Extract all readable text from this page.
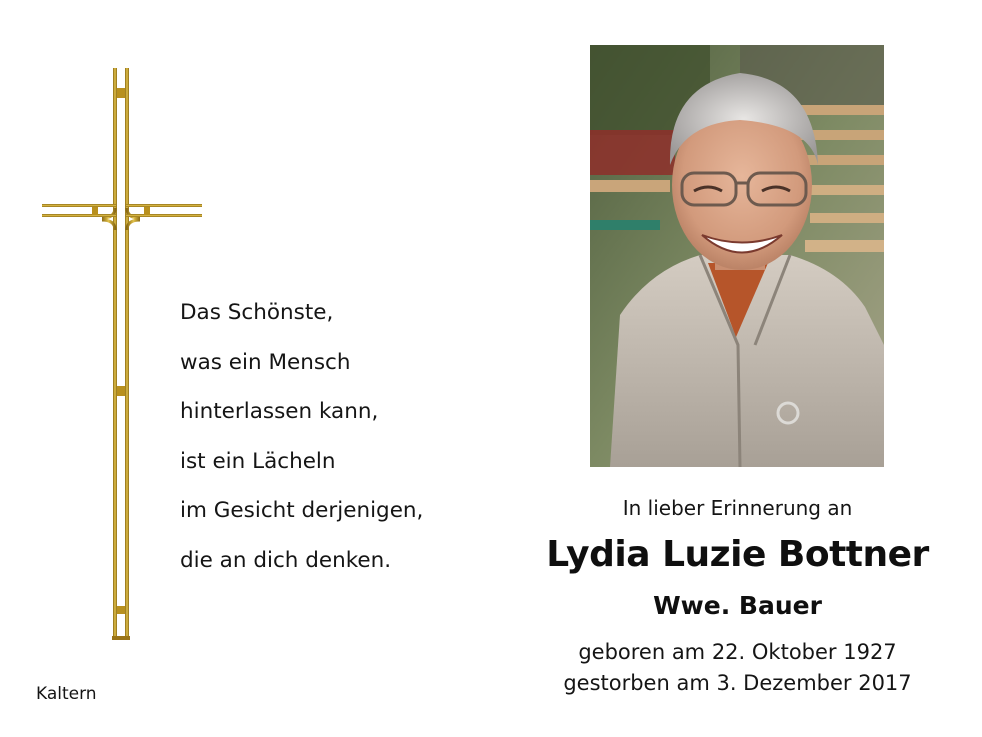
Das Schönste,
was ein Mensch
hinterlassen kann,
ist ein Lächeln
im Gesicht derjenigen,
die an dich denken.
Kaltern
In lieber Erinnerung an
Lydia Luzie Bottner
Wwe. Bauer
geboren am 22. Oktober 1927
gestorben am 3. Dezember 2017
